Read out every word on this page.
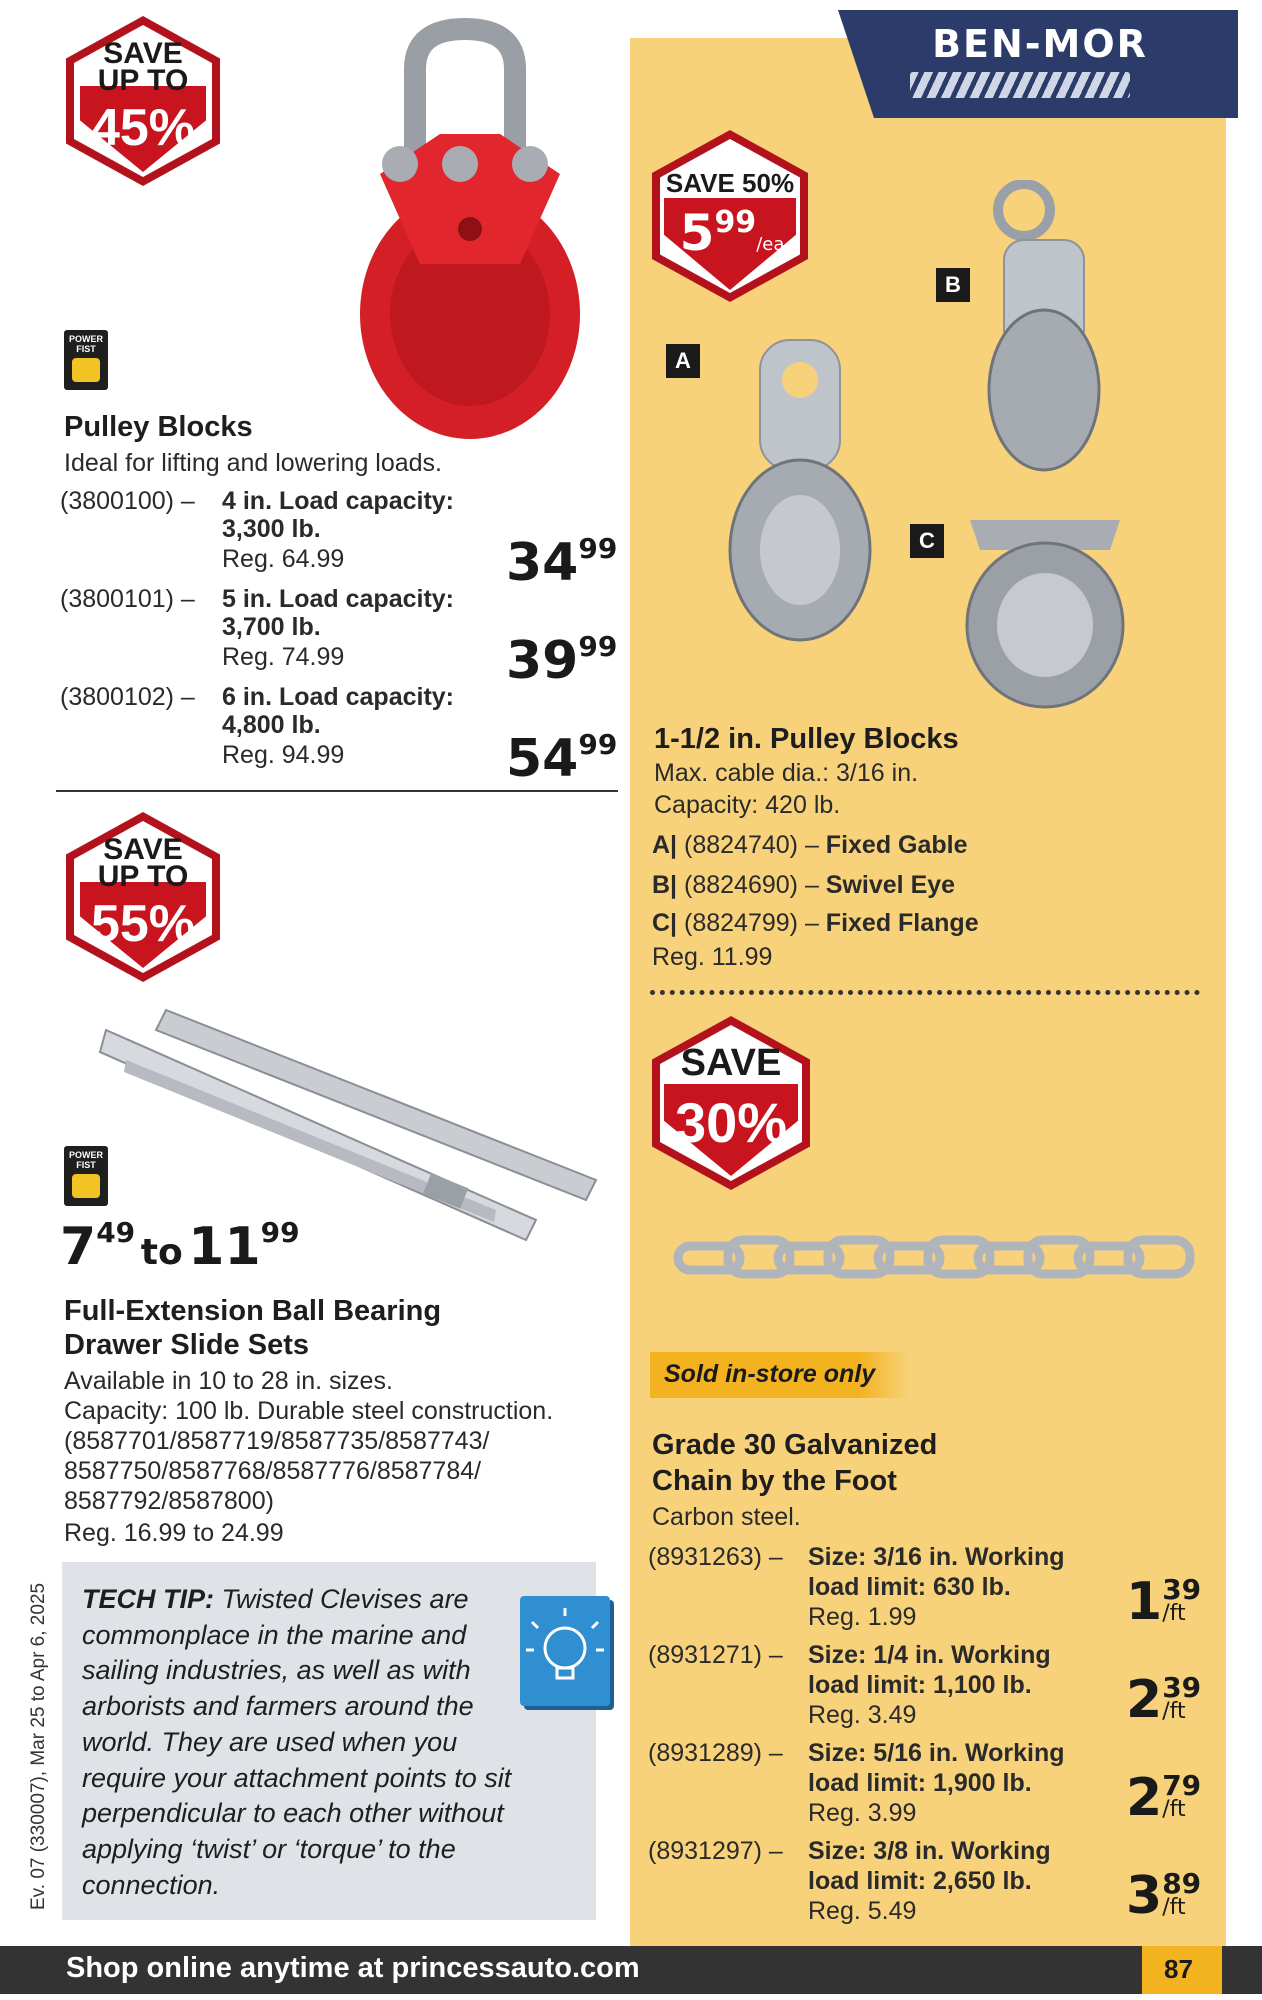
BEN-MOR
SAVE
UP TO
45%
POWER
FIST
Pulley Blocks
Ideal for lifting and lowering loads.
(3800100) – 4 in. Load capacity:
3,300 lb.
Reg. 64.99	3499
(3800101) – 5 in. Load capacity:
3,700 lb.
Reg. 74.99	3999
(3800102) – 6 in. Load capacity:
4,800 lb.
Reg. 94.99	5499
SAVE
UP TO
55%
POWER
FIST
749 to 1199
Full-Extension Ball Bearing
Drawer Slide Sets
Available in 10 to 28 in. sizes.
Capacity: 100 lb. Durable steel construction.
(8587701/8587719/8587735/8587743/
8587750/8587768/8587776/8587784/
8587792/8587800)
Reg. 16.99 to 24.99
TECH TIP: Twisted Clevises are commonplace in the marine and sailing industries, as well as with arborists and farmers around the world. They are used when you require your attachment points to sit perpendicular to each other without applying ‘twist’ or ‘torque’ to the connection.
SAVE 50%
599/ea
B
A
C
1-1/2 in. Pulley Blocks
Max. cable dia.: 3/16 in.
Capacity: 420 lb.
A| (8824740) – Fixed Gable
B| (8824690) – Swivel Eye
C| (8824799) – Fixed Flange
Reg. 11.99
SAVE
30%
Sold in-store only
Grade 30 Galvanized
Chain by the Foot
Carbon steel.
(8931263) – Size: 3/16 in. Working
load limit: 630 lb.
Reg. 1.99	1 39
/ft
(8931271) – Size: 1/4 in. Working
load limit: 1,100 lb.
Reg. 3.49	2 39
/ft
(8931289) – Size: 5/16 in. Working
load limit: 1,900 lb.
Reg. 3.99	2 79
/ft
(8931297) – Size: 3/8 in. Working
load limit: 2,650 lb.
Reg. 5.49	3 89
/ft
Ev. 07 (330007), Mar 25 to Apr 6, 2025
Shop online anytime at princessauto.com	87
